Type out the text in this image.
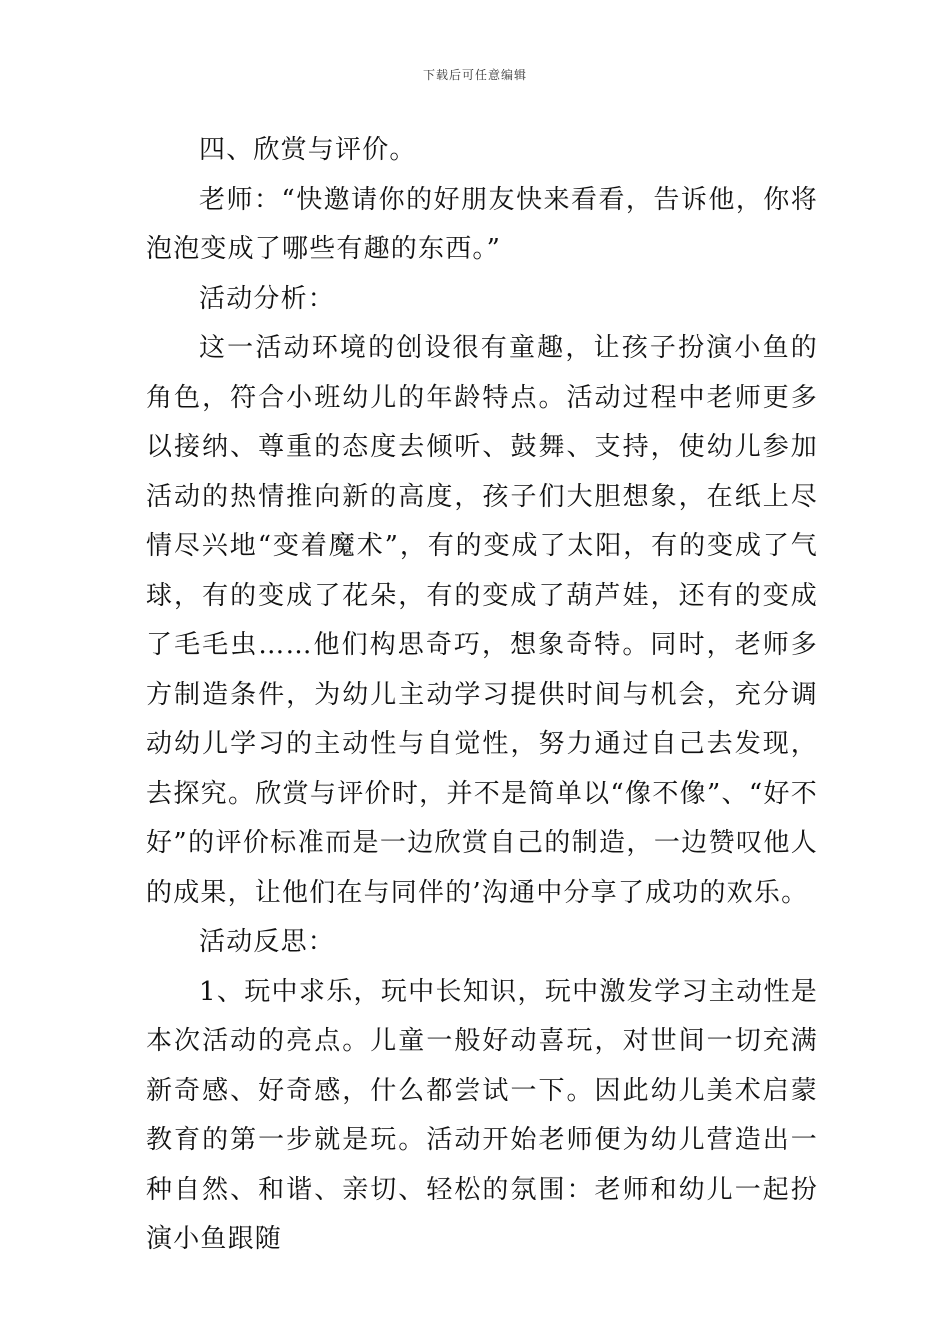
下载后可任意编辑

四、欣赏与评价。

老师：“快邀请你的好朋友快来看看，告诉他，你将泡泡变成了哪些有趣的东西。”

活动分析：

这一活动环境的创设很有童趣，让孩子扮演小鱼的角色，符合小班幼儿的年龄特点。活动过程中老师更多以接纳、尊重的态度去倾听、鼓舞、支持，使幼儿参加活动的热情推向新的高度，孩子们大胆想象，在纸上尽情尽兴地“变着魔术”，有的变成了太阳，有的变成了气球，有的变成了花朵，有的变成了葫芦娃，还有的变成了毛毛虫……他们构思奇巧，想象奇特。同时，老师多方制造条件，为幼儿主动学习提供时间与机会，充分调动幼儿学习的主动性与自觉性，努力通过自己去发现，去探究。欣赏与评价时，并不是简单以“像不像”、“好不好”的评价标准而是一边欣赏自己的制造，一边赞叹他人的成果，让他们在与同伴的’沟通中分享了成功的欢乐。

活动反思：

1、玩中求乐，玩中长知识，玩中激发学习主动性是本次活动的亮点。儿童一般好动喜玩，对世间一切充满新奇感、好奇感，什么都尝试一下。因此幼儿美术启蒙教育的第一步就是玩。活动开始老师便为幼儿营造出一种自然、和谐、亲切、轻松的氛围：老师和幼儿一起扮演小鱼跟随
